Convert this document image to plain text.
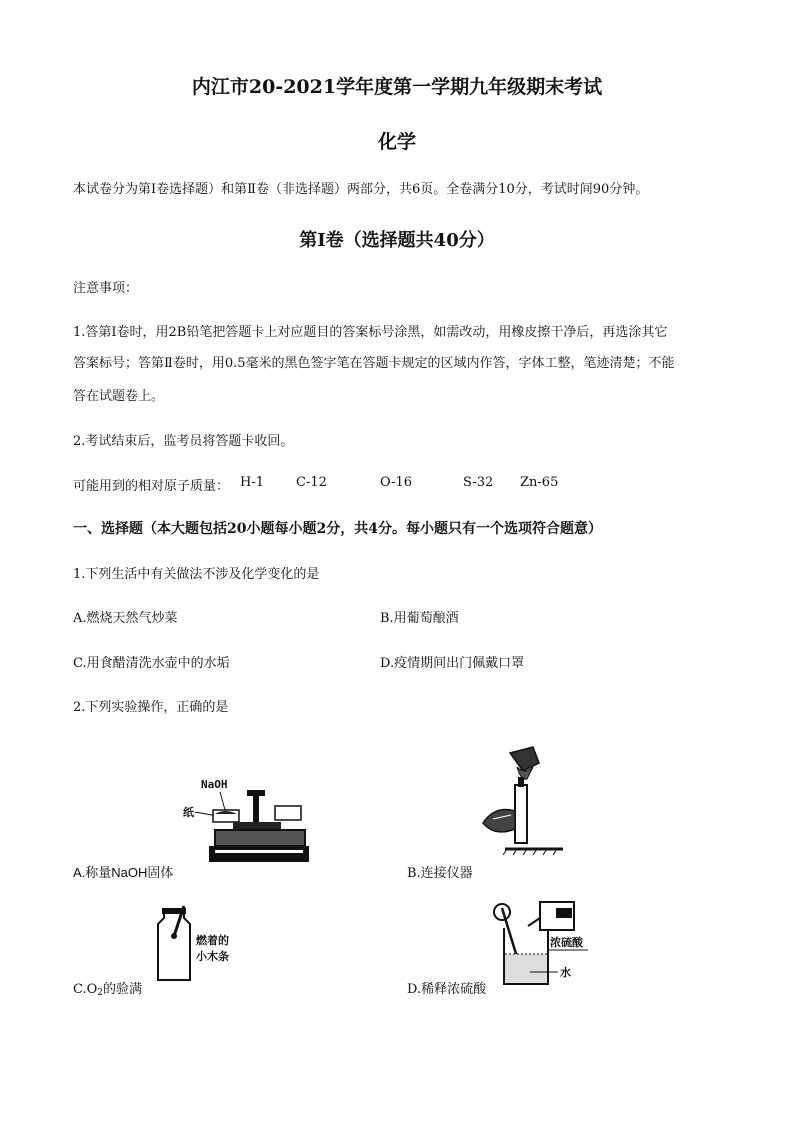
内江市20-2021学年度第一学期九年级期末考试
化学
本试卷分为第Ⅰ卷选择题）和第Ⅱ卷（非选择题）两部分，共6页。全卷满分10分，考试时间90分钟。
第Ⅰ卷（选择题共40分）
注意事项：
1.答第Ⅰ卷时，用2B铅笔把答题卡上对应题目的答案标号涂黑，如需改动，用橡皮擦干净后，再选涂其它
答案标号；答第Ⅱ卷时，用0.5毫米的黑色签字笔在答题卡规定的区域内作答，字体工整，笔迹清楚；不能
答在试题卷上。
2.考试结束后，监考员将答题卡收回。
可能用到的相对原子质量： H-1 C-12	O-16	S-32 Zn-65
一、选择题（本大题包括20小题每小题2分，共4分。每小题只有一个选项符合题意）
1.下列生活中有关做法不涉及化学变化的是
A.燃烧天然气炒菜	B.用葡萄酿酒
C.用食醋清洗水壶中的水垢	D.疫情期间出门佩戴口罩
2.下列实验操作，正确的是
NaOH
纸
A.称量NaOH固体	B.连接仪器
燃着的
小木条
$C.O_2$的验满
浓硫酸
水
D.稀释浓硫酸
